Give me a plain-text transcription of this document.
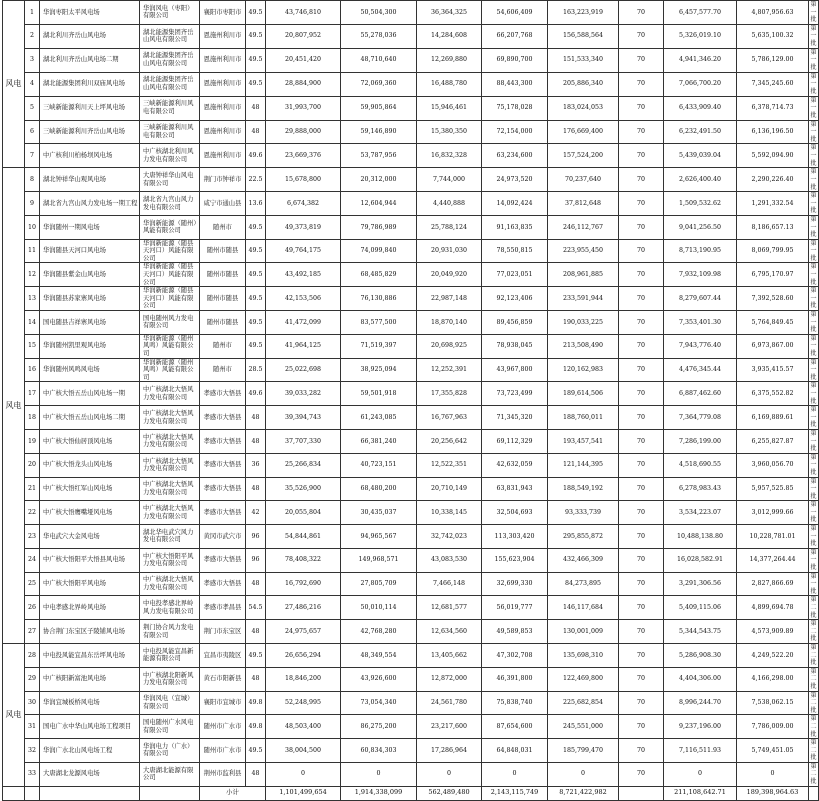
风电	1	华润枣阳太平风电场	华润风电（枣阳）有限公司	襄阳市枣阳市	49.5	43,746,810	50,504,300	36,364,325	54,606,409	163,223,919	70	6,457,577.70	4,807,956.63	第一批
	2	湖北利川齐岳山风电场	湖北能源集团齐岳山风电有限公司	恩施州利川市	49.5	20,807,952	55,278,036	14,284,608	66,207,768	156,588,564	70	5,326,019.10	5,635,100.32	第一批
	3	湖北利川齐岳山风电场二期	湖北能源集团齐岳山风电有限公司	恩施州利川市	49.5	20,451,420	48,710,640	12,269,880	69,890,700	151,533,340	70	4,941,346.20	5,786,129.00	第一批
	4	湖北能源集团利川双庙风电场	湖北能源集团齐岳山风电有限公司	恩施州利川市	49.5	28,884,900	72,069,360	16,488,780	88,443,300	205,886,340	70	7,066,700.20	7,345,245.60	第一批
	5	三峡新能源利川天上坪风电场	三峡新能源利川风电有限公司	恩施州利川市	48	31,993,700	59,905,864	15,946,461	75,178,028	183,024,053	70	6,433,909.40	6,378,714.73	第一批
	6	三峡新能源利川齐岳山风电场	三峡新能源利川风电有限公司	恩施州利川市	48	29,888,000	59,146,890	15,380,350	72,154,000	176,669,400	70	6,232,491.50	6,136,196.50	第一批
	7	中广核利川柏杨坝风电场	中广核湖北利川风力发电有限公司	恩施州利川市	49.6	23,669,376	53,787,956	16,832,328	63,234,600	157,524,200	70	5,439,039.04	5,592,094.90	第一批
风电	8	湖北钟祥华山观风电场	大唐钟祥华山风电有限公司	荆门市钟祥市	22.5	15,678,800	20,312,000	7,744,000	24,973,520	70,237,640	70	2,626,400.40	2,290,226.40	第一批
	9	湖北省九宫山风力发电场一期工程	湖北省九宫山风力发电有限公司	咸宁市通山县	13.6	6,674,382	12,604,944	4,440,888	14,092,424	37,812,648	70	1,509,532.62	1,291,332.54	第一批
	10	华润随州一期风电场	华润新能源（随州）风能有限公司	随州市	49.5	49,373,819	79,786,989	25,788,124	91,163,835	246,112,767	70	9,041,256.50	8,186,657.13	第一批
	11	华润随县天河口风电场	华润新能源（随县天河口）风能有限公司	随州市随县	49.5	49,764,175	74,099,840	20,931,030	78,550,815	223,955,450	70	8,713,190.95	8,069,799.95	第一批
	12	华润随县紫金山风电场	华润新能源（随县天河口）风能有限公司	随州市随县	49.5	43,492,185	68,485,829	20,049,920	77,023,051	208,961,885	70	7,932,109.98	6,795,170.97	第一批
	13	华润随县苏家寨风电场	华润新能源（随县天河口）风能有限公司	随州市随县	49.5	42,153,506	76,130,886	22,987,148	92,123,406	233,591,944	70	8,279,607.44	7,392,528.60	第一批
	14	国电随县吉祥寨风电场	国电随州风力发电有限公司	随州市随县	49.5	41,472,099	83,577,500	18,870,140	89,456,859	190,033,225	70	7,353,401.30	5,764,849.45	第一批
	15	华润随州凯里观风电场	华润新能源（随州风鸣）风能有限公司	随州市	49.5	41,964,125	71,519,397	20,698,925	78,938,045	213,508,490	70	7,943,776.40	6,973,867.00	第一批
	16	华润随州风鸣风电场	华润新能源（随州风鸣）风能有限公司	随州市	28.5	25,022,698	38,925,094	12,252,391	43,967,800	120,162,983	70	4,476,345.44	3,935,415.57	第一批
	17	中广核大悟五岳山风电场一期	中广核湖北大悟风力发电有限公司	孝感市大悟县	49.6	39,033,282	59,501,918	17,355,828	73,723,499	189,614,506	70	6,887,462.60	6,375,552.82	第一批
	18	中广核大悟五岳山风电场二期	中广核湖北大悟风力发电有限公司	孝感市大悟县	48	39,394,743	61,243,085	16,767,963	71,345,320	188,760,011	70	7,364,779.08	6,169,889.61	第一批
	19	中广核大悟仙居顶风电场	中广核湖北大悟风力发电有限公司	孝感市大悟县	48	37,707,330	66,381,240	20,256,642	69,112,329	193,457,541	70	7,286,199.00	6,255,827.87	第一批
	20	中广核大悟龙头山风电场	中广核湖北大悟风力发电有限公司	孝感市大悟县	36	25,266,834	40,723,151	12,522,351	42,632,059	121,144,395	70	4,518,690.55	3,960,056.70	第一批
	21	中广核大悟红军山风电场	中广核湖北大悟风力发电有限公司	孝感市大悟县	48	35,526,900	68,480,200	20,710,149	63,831,943	188,549,192	70	6,278,983.43	5,957,525.85	第一批
	22	中广核大悟鹰嘴垭风电场	中广核湖北大悟风力发电有限公司	孝感市大悟县	42	20,055,804	30,435,037	10,338,145	32,504,693	93,333,739	70	3,534,223.07	3,012,999.66	第一批
	23	华电武穴大金风电场	湖北华电武穴风力发电有限公司	黄冈市武穴市	96	54,844,861	94,965,567	32,742,023	113,303,420	295,855,872	70	10,488,138.80	10,228,781.01	第一批
	24	中广核大悟阳平大悟县风电场	中广核大悟阳平风力发电有限公司	孝感市大悟县	96	78,408,322	149,968,571	43,083,530	155,623,904	432,466,309	70	16,028,582.91	14,377,264.44	第一批
	25	中广核大悟阳平风电场	中广核湖北大悟风力发电有限公司	孝感市大悟县	48	16,792,690	27,805,709	7,466,148	32,699,330	84,273,895	70	3,291,306.56	2,827,866.69	第一批
	26	中电孝感北界岭风电场	中电投孝感北界岭风力发电有限公司	孝感市孝昌县	54.5	27,486,216	50,010,114	12,681,577	56,019,777	146,117,684	70	5,409,115.06	4,899,694.78	第二批
	27	协合荆门东宝区子陵铺风电场	荆门协合风力发电有限公司	荆门市东宝区	48	24,975,657	42,768,280	12,634,560	49,589,853	130,001,009	70	5,344,543.75	4,573,909.89	第二批
风电	28	中电投风能宜昌东岳坪风电场	中电投风能宜昌新能源有限公司	宜昌市夷陵区	49.5	26,656,294	48,349,554	13,405,662	47,302,708	135,698,310	70	5,286,908.30	4,249,522.20	第二批
	29	中广核阳新富池风电场	中广核湖北阳新风力发电有限公司	黄石市阳新县	48	18,846,200	43,926,600	12,872,000	46,391,800	122,469,800	70	4,404,306.00	4,166,298.00	第二批
	30	华润宜城板桥风电场	华润风电（宜城）有限公司	襄阳市宜城市	49.8	52,248,995	73,054,340	24,561,780	75,838,740	225,682,854	70	8,996,244.70	7,538,062.15	第二批
	31	国电广水中华山风电场工程项目	国电随州广水风电有限公司	随州市广水市	49.8	48,503,400	86,275,200	23,217,600	87,654,600	245,551,000	70	9,237,196.00	7,786,009.00	第二批
	32	华润广水北山风电场工程	华润电力（广水）有限公司	随州市广水市	49.5	38,004,500	60,834,303	17,286,964	64,848,031	185,799,470	70	7,116,511.93	5,749,451.05	第二批
	33	大唐湖北龙源风电场	大唐湖北能源有限公司	荆州市监利县	48	0	0	0	0	0	70	0	0	第二批
				小计		1,101,499,654	1,914,338,099	562,489,480	2,143,115,749	8,721,422,982		211,108,642.71	189,398,964.63	
